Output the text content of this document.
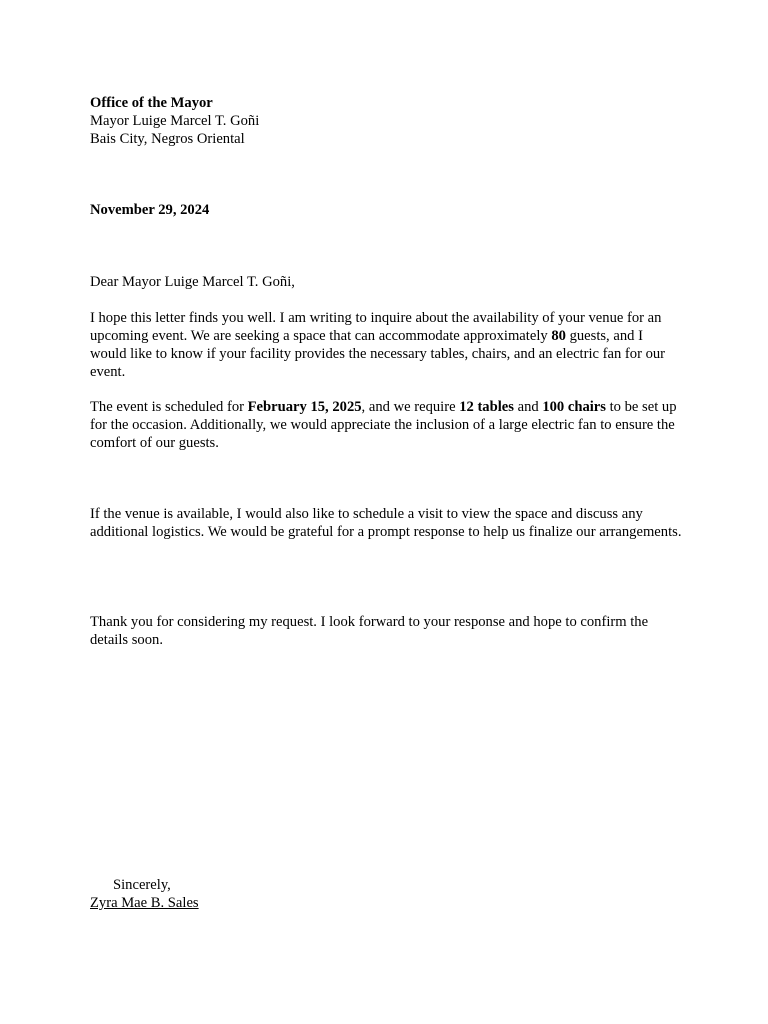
Office of the Mayor
Mayor Luige Marcel T. Goñi
Bais City, Negros Oriental
November 29, 2024
Dear Mayor Luige Marcel T. Goñi,

I hope this letter finds you well. I am writing to inquire about the availability of your venue for an upcoming event. We are seeking a space that can accommodate approximately 80 guests, and I would like to know if your facility provides the necessary tables, chairs, and an electric fan for our event.

The event is scheduled for February 15, 2025, and we require 12 tables and 100 chairs to be set up for the occasion. Additionally, we would appreciate the inclusion of a large electric fan to ensure the comfort of our guests.

If the venue is available, I would also like to schedule a visit to view the space and discuss any additional logistics. We would be grateful for a prompt response to help us finalize our arrangements.

Thank you for considering my request. I look forward to your response and hope to confirm the details soon.

Sincerely,
Zyra Mae B. Sales
